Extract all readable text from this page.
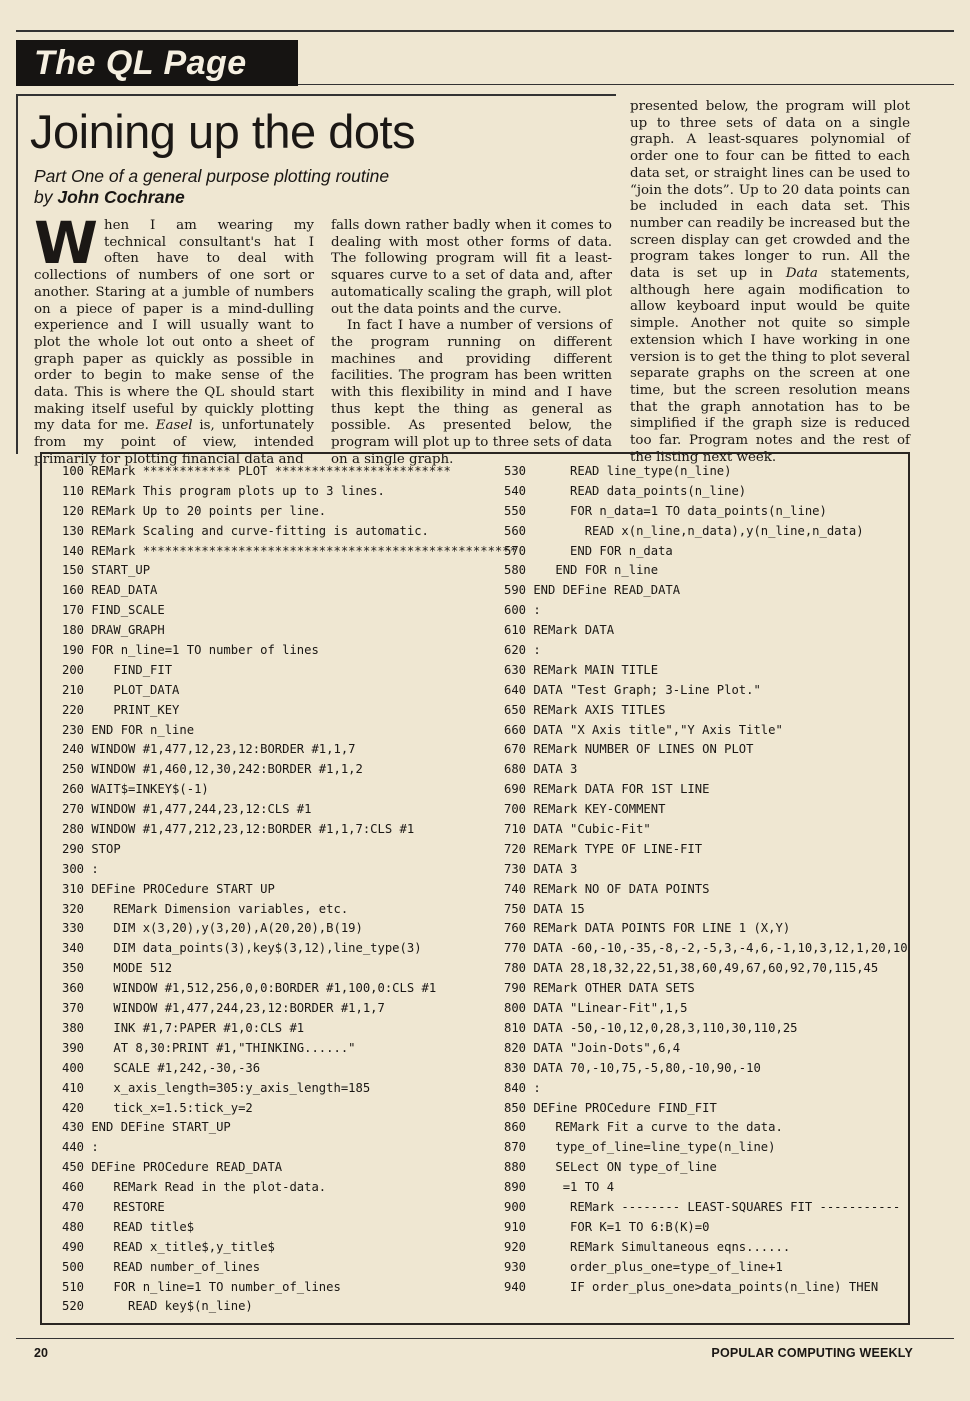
The QL Page
Joining up the dots
Part One of a general purpose plotting routine
by John Cochrane

When I am wearing my technical consultant's hat I often have to deal with collections of numbers of one sort or another. Staring at a jumble of numbers on a piece of paper is a mind-dulling experience and I will usually want to plot the whole lot out onto a sheet of graph paper as quickly as possible in order to begin to make sense of the data. This is where the QL should start making itself useful by quickly plotting my data for me. Easel is, unfortunately from my point of view, intended primarily for plotting financial data and

falls down rather badly when it comes to dealing with most other forms of data. The following program will fit a least-squares curve to a set of data and, after automatically scaling the graph, will plot out the data points and the curve.

In fact I have a number of versions of the program running on different machines and providing different facilities. The program has been written with this flexibility in mind and I have thus kept the thing as general as possible. As presented below, the program will plot up to three sets of data on a single graph.

presented below, the program will plot up to three sets of data on a single graph. A least-squares polynomial of order one to four can be fitted to each data set, or straight lines can be used to “join the dots”. Up to 20 data points can be included in each data set. This number can readily be increased but the screen display can get crowded and the program takes longer to run. All the data is set up in Data statements, although here again modification to allow keyboard input would be quite simple. Another not quite so simple extension which I have working in one version is to get the thing to plot several separate graphs on the screen at one time, but the screen resolution means that the graph annotation has to be simplified if the graph size is reduced too far. Program notes and the rest of the listing next week.

100 REMark ************ PLOT ************************
110 REMark This program plots up to 3 lines.
120 REMark Up to 20 points per line.
130 REMark Scaling and curve-fitting is automatic.
140 REMark ***************************************************
150 START_UP
160 READ_DATA
170 FIND_SCALE
180 DRAW_GRAPH
190 FOR n_line=1 TO number of lines
200    FIND_FIT
210    PLOT_DATA
220    PRINT_KEY
230 END FOR n_line
240 WINDOW #1,477,12,23,12:BORDER #1,1,7
250 WINDOW #1,460,12,30,242:BORDER #1,1,2
260 WAIT$=INKEY$(-1)
270 WINDOW #1,477,244,23,12:CLS #1
280 WINDOW #1,477,212,23,12:BORDER #1,1,7:CLS #1
290 STOP
300 :
310 DEFine PROCedure START UP
320    REMark Dimension variables, etc.
330    DIM x(3,20),y(3,20),A(20,20),B(19)
340    DIM data_points(3),key$(3,12),line_type(3)
350    MODE 512
360    WINDOW #1,512,256,0,0:BORDER #1,100,0:CLS #1
370    WINDOW #1,477,244,23,12:BORDER #1,1,7
380    INK #1,7:PAPER #1,0:CLS #1
390    AT 8,30:PRINT #1,"THINKING......"
400    SCALE #1,242,-30,-36
410    x_axis_length=305:y_axis_length=185
420    tick_x=1.5:tick_y=2
430 END DEFine START_UP
440 :
450 DEFine PROCedure READ_DATA
460    REMark Read in the plot-data.
470    RESTORE
480    READ title$
490    READ x_title$,y_title$
500    READ number_of_lines
510    FOR n_line=1 TO number_of_lines
520      READ key$(n_line)
530      READ line_type(n_line)
540      READ data_points(n_line)
550      FOR n_data=1 TO data_points(n_line)
560        READ x(n_line,n_data),y(n_line,n_data)
570      END FOR n_data
580    END FOR n_line
590 END DEFine READ_DATA
600 :
610 REMark DATA
620 :
630 REMark MAIN TITLE
640 DATA "Test Graph; 3-Line Plot."
650 REMark AXIS TITLES
660 DATA "X Axis title","Y Axis Title"
670 REMark NUMBER OF LINES ON PLOT
680 DATA 3
690 REMark DATA FOR 1ST LINE
700 REMark KEY-COMMENT
710 DATA "Cubic-Fit"
720 REMark TYPE OF LINE-FIT
730 DATA 3
740 REMark NO OF DATA POINTS
750 DATA 15
760 REMark DATA POINTS FOR LINE 1 (X,Y)
770 DATA -60,-10,-35,-8,-2,-5,3,-4,6,-1,10,3,12,1,20,10
780 DATA 28,18,32,22,51,38,60,49,67,60,92,70,115,45
790 REMark OTHER DATA SETS
800 DATA "Linear-Fit",1,5
810 DATA -50,-10,12,0,28,3,110,30,110,25
820 DATA "Join-Dots",6,4
830 DATA 70,-10,75,-5,80,-10,90,-10
840 :
850 DEFine PROCedure FIND_FIT
860    REMark Fit a curve to the data.
870    type_of_line=line_type(n_line)
880    SELect ON type_of_line
890     =1 TO 4
900      REMark -------- LEAST-SQUARES FIT -----------
910      FOR K=1 TO 6:B(K)=0
920      REMark Simultaneous eqns......
930      order_plus_one=type_of_line+1
940      IF order_plus_one>data_points(n_line) THEN
20	POPULAR COMPUTING WEEKLY
